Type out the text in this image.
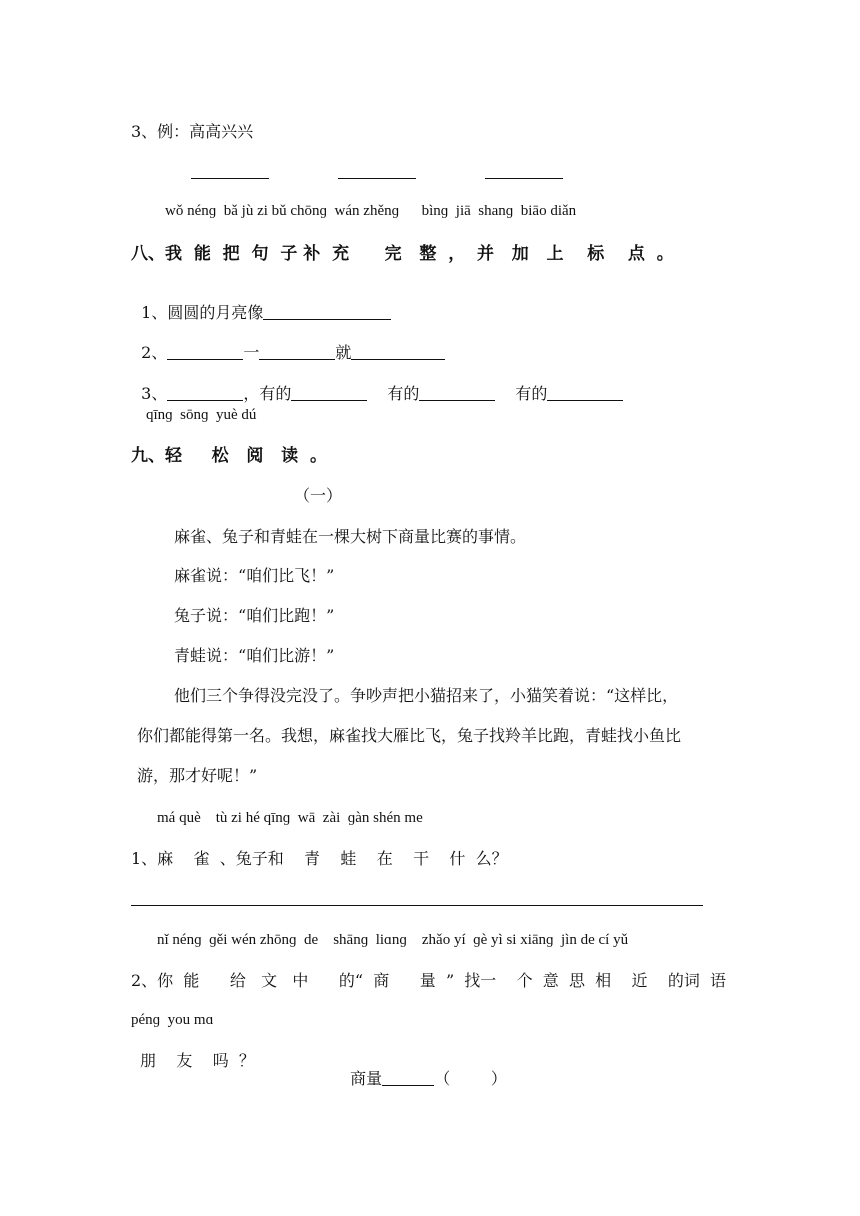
3、例：高高兴兴
wǒ nénɡ  bǎ jù zi bǔ chōnɡ  wán zhěnɡ      bìnɡ  jiā  shanɡ  biāo diǎn
八、我  能  把  句  子 补  充      完   整  ，  并   加   上    标    点  。

1、圆圆的月亮像

2、	一	就

3、	，有的	有的	有的

qīnɡ  sōnɡ  yuè dú
九、轻     松   阅   读  。
（一）
麻雀、兔子和青蛙在一棵大树下商量比赛的事情。
麻雀说：“咱们比飞！”
兔子说：“咱们比跑！”
青蛙说：“咱们比游！”
他们三个争得没完没了。争吵声把小猫招来了，小猫笑着说：“这样比，
你们都能得第一名。我想，麻雀找大雁比飞，兔子找羚羊比跑，青蛙找小鱼比
游，那才好呢！”
má què    tù zi hé qīnɡ  wā  zài  ɡàn shén me
1、麻    雀  、兔子和    青    蛙    在    干    什  么？
nǐ nénɡ  ɡěi wén zhōnɡ  de    shānɡ  liɑnɡ    zhǎo yí  ɡè yì si xiānɡ  jìn de cí yǔ
2、你  能      给   文   中      的“  商      量  ”  找一    个  意  思  相    近    的词  语
pénɡ  you mɑ
朋    友    吗  ？

商量	（        ）
